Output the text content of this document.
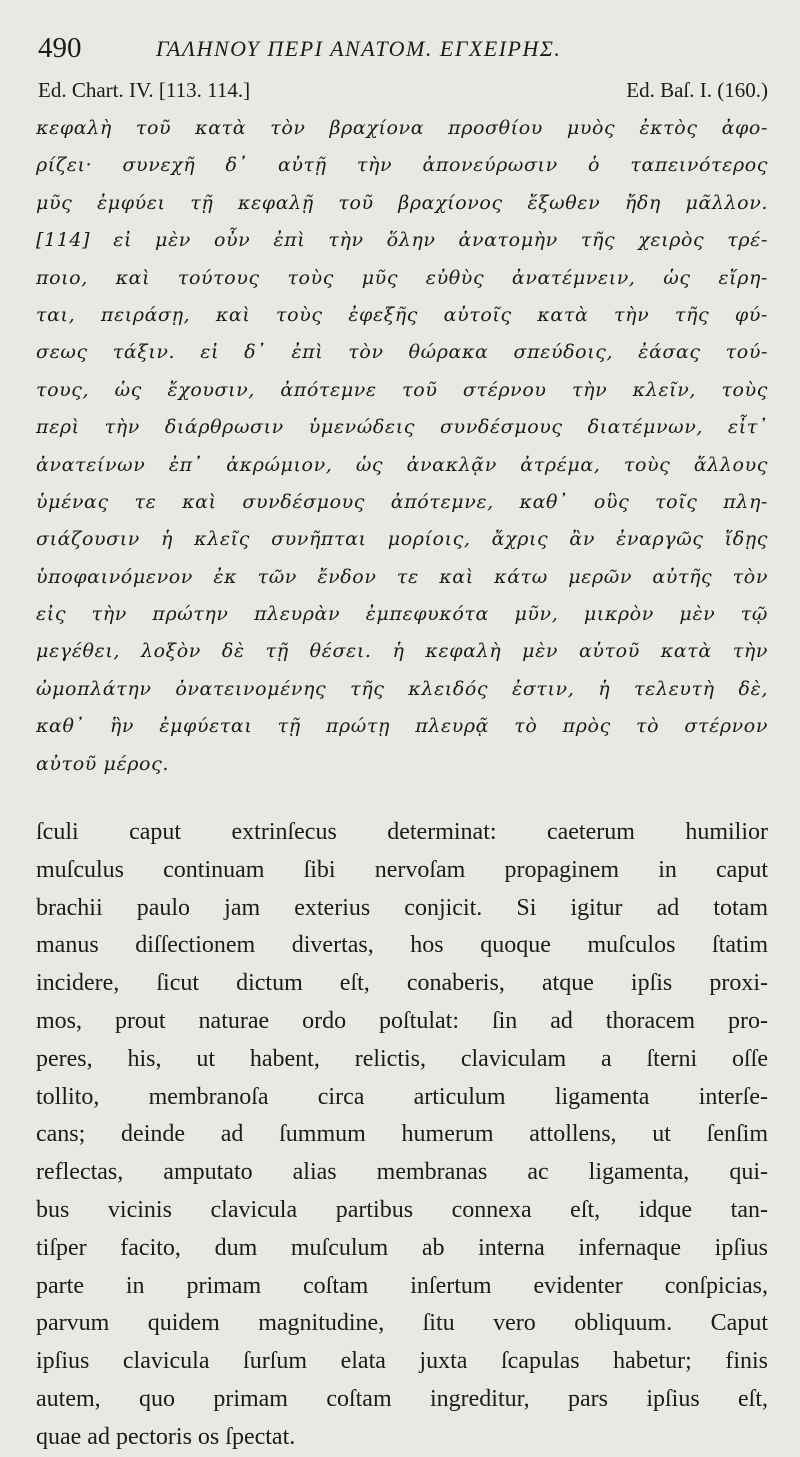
490	ΓΑΛΗΝΟΥ ΠΕΡΙ ΑΝΑΤΟΜ. ΕΓΧΕΙΡΗΣ.
Ed. Chart. IV. [113. 114.]	Ed. Baſ. I. (160.)
κεφαλὴ τοῦ κατὰ τὸν βραχίονα προσθίου μυὸς ἐκτὸς ἀφο-
ρίζει· συνεχῆ δ᾽ αὐτῇ τὴν ἀπονεύρωσιν ὁ ταπεινότερος
μῦς ἐμφύει τῇ κεφαλῇ τοῦ βραχίονος ἔξωθεν ἤδη μᾶλλον.
[114] εἰ μὲν οὖν ἐπὶ τὴν ὅλην ἀνατομὴν τῆς χειρὸς τρέ-
ποιο, καὶ τούτους τοὺς μῦς εὐθὺς ἀνατέμνειν, ὡς εἴρη-
ται, πειράσῃ, καὶ τοὺς ἐφεξῆς αὐτοῖς κατὰ τὴν τῆς φύ-
σεως τάξιν. εἰ δ᾽ ἐπὶ τὸν θώρακα σπεύδοις, ἐάσας τού-
τους, ὡς ἔχουσιν, ἀπότεμνε τοῦ στέρνου τὴν κλεῖν, τοὺς
περὶ τὴν διάρθρωσιν ὑμενώδεις συνδέσμους διατέμνων, εἶτ᾽
ἀνατείνων ἐπ᾽ ἀκρώμιον, ὡς ἀνακλᾷν ἀτρέμα, τοὺς ἄλλους
ὑμένας τε καὶ συνδέσμους ἀπότεμνε, καθ᾽ οὓς τοῖς πλη-
σιάζουσιν ἡ κλεῖς συνῆπται μορίοις, ἄχρις ἂν ἐναργῶς ἴδῃς
ὑποφαινόμενον ἐκ τῶν ἔνδον τε καὶ κάτω μερῶν αὐτῆς τὸν
εἰς τὴν πρώτην πλευρὰν ἐμπεφυκότα μῦν, μικρὸν μὲν τῷ
μεγέθει, λοξὸν δὲ τῇ θέσει. ἡ κεφαλὴ μὲν αὐτοῦ κατὰ τὴν
ὠμοπλάτην ὀνατεινομένης τῆς κλειδός ἐστιν, ἡ τελευτὴ δὲ,
καθ᾽ ἣν ἐμφύεται τῇ πρώτῃ πλευρᾷ τὸ πρὸς τὸ στέρνον
αὐτοῦ μέρος.
ſculi caput extrinſecus determinat: caeterum humilior
muſculus continuam ſibi nervoſam propaginem in caput
brachii paulo jam exterius conjicit. Si igitur ad totam
manus diſſectionem divertas, hos quoque muſculos ſtatim
incidere, ſicut dictum eſt, conaberis, atque ipſis proxi-
mos, prout naturae ordo poſtulat: ſin ad thoracem pro-
peres, his, ut habent, relictis, claviculam a ſterni oſſe
tollito, membranoſa circa articulum ligamenta interſe-
cans; deinde ad ſummum humerum attollens, ut ſenſim
reflectas, amputato alias membranas ac ligamenta, qui-
bus vicinis clavicula partibus connexa eſt, idque tan-
tiſper facito, dum muſculum ab interna infernaque ipſius
parte in primam coſtam inſertum evidenter conſpicias,
parvum quidem magnitudine, ſitu vero obliquum. Caput
ipſius clavicula ſurſum elata juxta ſcapulas habetur; finis
autem, quo primam coſtam ingreditur, pars ipſius eſt,
quae ad pectoris os ſpectat.
